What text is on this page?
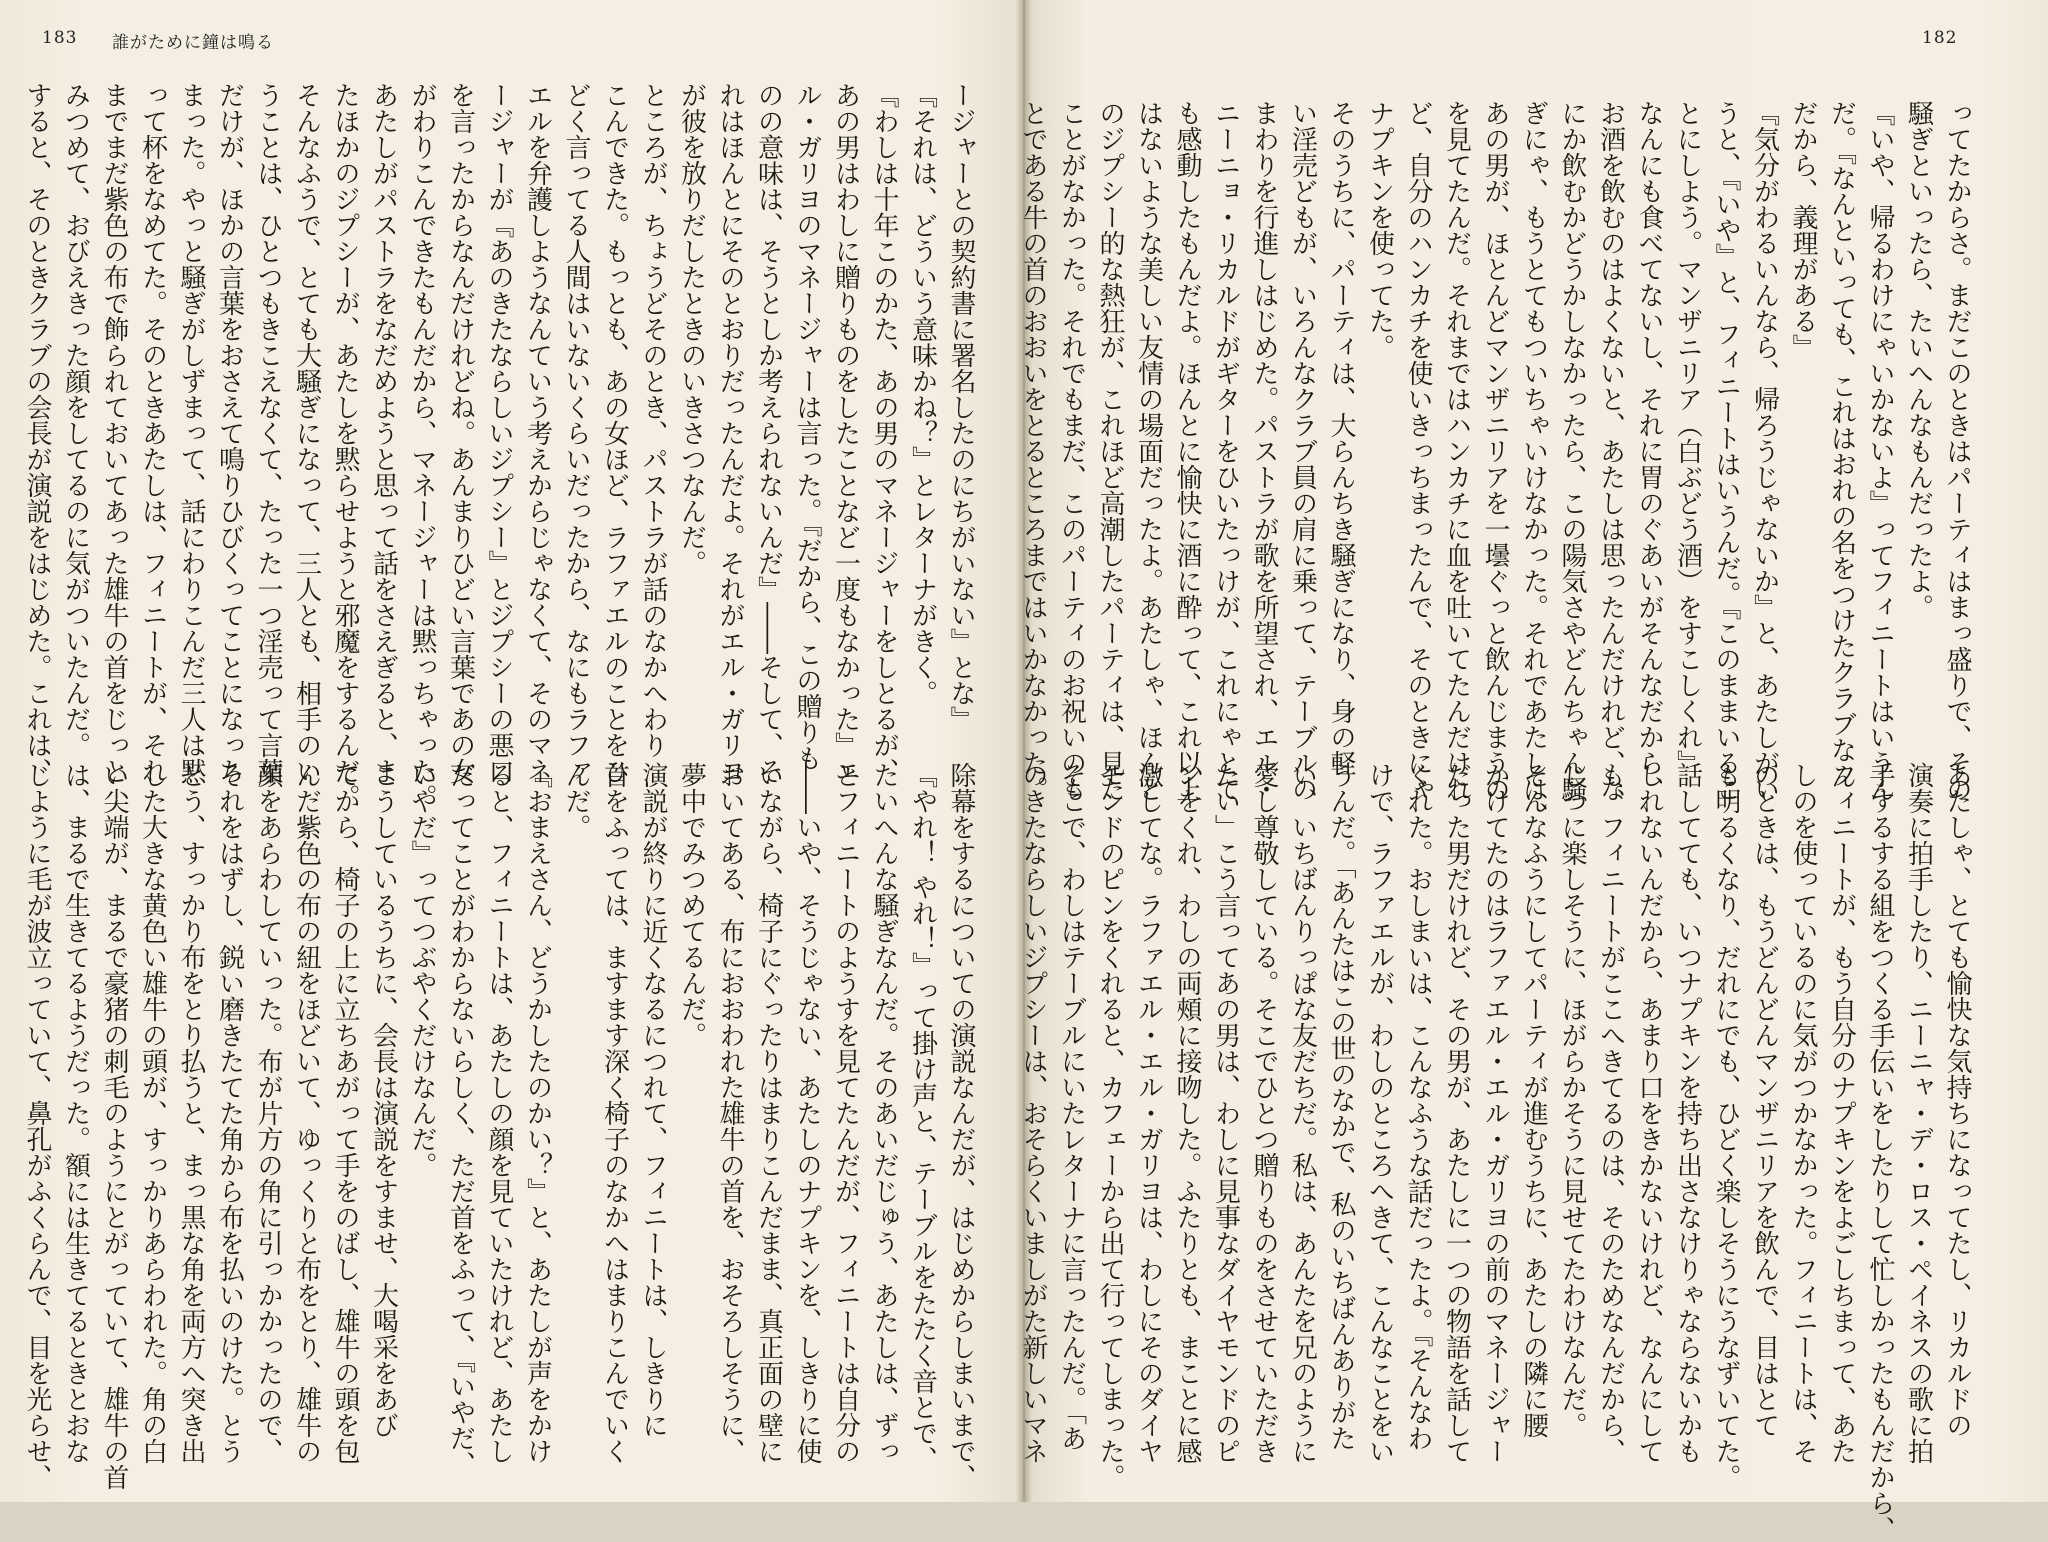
183 誰がために鐘は鳴る	182
ってたからさ。まだこのときはパーティはまっ盛りで、その
騒ぎといったら、たいへんなもんだったよ。
『いや、帰るわけにゃいかないよ』ってフィニートはいうん
だ。『なんといっても、これはおれの名をつけたクラブなん
だから、義理がある』
『気分がわるいんなら、帰ろうじゃないか』と、あたしがい
うと、『いや』と、フィニートはいうんだ。『このままいるこ
とにしよう。マンザニリア（白ぶどう酒）をすこしくれ』
なんにも食べてないし、それに胃のぐあいがそんなだから、
お酒を飲むのはよくないと、あたしは思ったんだけれど、な
にか飲むかどうかしなかったら、この陽気さやどんちゃん騒
ぎにゃ、もうとてもついちゃいけなかった。それであたしは、
あの男が、ほとんどマンザニリアを一壜ぐっと飲んじまうの
を見てたんだ。それまではハンカチに血を吐いてたんだけれ
ど、自分のハンカチを使いきっちまったんで、そのときにゃ
ナプキンを使ってた。
そのうちに、パーティは、大らんちき騒ぎになり、身の軽
い淫売どもが、いろんなクラブ員の肩に乗って、テーブルの
まわりを行進しはじめた。パストラが歌を所望され、エル・
ニーニョ・リカルドがギターをひいたっけが、これにゃとて
も感動したもんだよ。ほんとに愉快に酒に酔って、これ以上
はないような美しい友情の場面だったよ。あたしゃ、ほんと
のジプシー的な熱狂が、これほど高潮したパーティは、見た
ことがなかった。それでもまだ、このパーティのお祝いのも
とである牛の首のおおいをとるところまではいかなかった。
あたしゃ、とても愉快な気持ちになってたし、リカルドの
演奏に拍手したり、ニーニャ・デ・ロス・ペイネスの歌に拍
手するする組をつくる手伝いをしたりして忙しかったもんだから、
フィニートが、もう自分のナプキンをよごしちまって、あた
しのを使っているのに気がつかなかった。フィニートは、そ
のときは、もうどんどんマンザニリアを飲んで、目はとて
も明るくなり、だれにでも、ひどく楽しそうにうなずいてた。
話してても、いつナプキンを持ち出さなけりゃならないかも
しれないんだから、あまり口をきかないけれど、なんにして
も、フィニートがここへきてるのは、そのためなんだから、
じつに楽しそうに、ほがらかそうに見せてたわけなんだ。
そんなふうにしてパーティが進むうちに、あたしの隣に腰
かけてたのはラファエル・エル・ガリヨの前のマネージャー
だった男だけれど、その男が、あたしに一つの物語を話して
くれた。おしまいは、こんなふうな話だったよ。『そんなわ
けで、ラファエルが、わしのところへきて、こんなことをい
うんだ。「あんたはこの世のなかで、私のいちばんありがた
い、いちばんりっぱな友だちだ。私は、あんたを兄のように
愛し尊敬している。そこでひとつ贈りものをさせていただき
たい」こう言ってあの男は、わしに見事なダイヤモンドのピ
ンをくれ、わしの両頰に接吻した。ふたりとも、まことに感
激してな。ラファエル・エル・ガリヨは、わしにそのダイヤ
モンドのピンをくれると、カフェーから出て行ってしまった。
そこで、わしはテーブルにいたレターナに言ったんだ。「あ
のきたならしいジプシーは、おそらくいましがた新しいマネ
ージャーとの契約書に署名したのにちがいない』とな』
『それは、どういう意味かね？』とレターナがきく。
『わしは十年このかた、あの男のマネージャーをしとるが、
あの男はわしに贈りものをしたことなど一度もなかった』エ
ル・ガリヨのマネージャーは言った。『だから、この贈りも
のの意味は、そうとしか考えられないんだ』――そして、そ
れはほんとにそのとおりだったんだよ。それがエル・ガリヨ
が彼を放りだしたときのいきさつなんだ。
ところが、ちょうどそのとき、パストラが話のなかへわり
こんできた。もっとも、あの女ほど、ラファエルのことをひ
どく言ってる人間はいないくらいだったから、なにもラファ
エルを弁護しようなんていう考えからじゃなくて、そのマネ
ージャーが『あのきたならしいジプシー』とジプシーの悪口
を言ったからなんだけれどね。あんまりひどい言葉であの女
がわりこんできたもんだから、マネージャーは黙っちゃった。
あたしがパストラをなだめようと思って話をさえぎると、ま
たほかのジプシーが、あたしを黙らせようと邪魔をするんだ。
そんなふうで、とても大騒ぎになって、三人とも、相手のい
うことは、ひとつもきこえなくて、たった一つ淫売って言葉
だけが、ほかの言葉をおさえて鳴りひびくってことになっち
まった。やっと騒ぎがしずまって、話にわりこんだ三人は黙
って杯をなめてた。そのときあたしは、フィニートが、それ
までまだ紫色の布で飾られておいてあった雄牛の首をじっと
みつめて、おびえきった顔をしてるのに気がついたんだ。
すると、そのときクラブの会長が演説をはじめた。これは、
除幕をするについての演説なんだが、はじめからしまいまで、
『やれ！ やれ！』って掛け声と、テーブルをたたく音とで、
たいへんな騒ぎなんだ。そのあいだじゅう、あたしは、ずっ
とフィニートのようすを見てたんだが、フィニートは自分の
――いや、そうじゃない、あたしのナプキンを、しきりに使
いながら、椅子にぐったりはまりこんだまま、真正面の壁に
おいてある、布におおわれた雄牛の首を、おそろしそうに、
夢中でみつめてるんだ。
演説が終りに近くなるにつれて、フィニートは、しきりに
首をふっては、ますます深く椅子のなかへはまりこんでいく
んだ。
『おまえさん、どうかしたのかい？』と、あたしが声をかけ
ると、フィニートは、あたしの顔を見ていたけれど、あたし
だってことがわからないらしく、ただ首をふって、『いやだ、
いやだ』ってつぶやくだけなんだ。
こうしているうちに、会長は演説をすませ、大喝采をあび
てから、椅子の上に立ちあがって手をのばし、雄牛の頭を包
んだ紫色の布の紐をほどいて、ゆっくりと布をとり、雄牛の
顔をあらわしていった。布が片方の角に引っかかったので、
それをはずし、鋭い磨きたてた角から布を払いのけた。とう
とう、すっかり布をとり払うと、まっ黒な角を両方へ突き出
した大きな黄色い雄牛の頭が、すっかりあらわれた。角の白
い尖端が、まるで豪猪の刺毛のようにとがっていて、雄牛の首
は、まるで生きてるようだった。額には生きてるときとおな
じように毛が波立っていて、鼻孔がふくらんで、目を光らせ、
